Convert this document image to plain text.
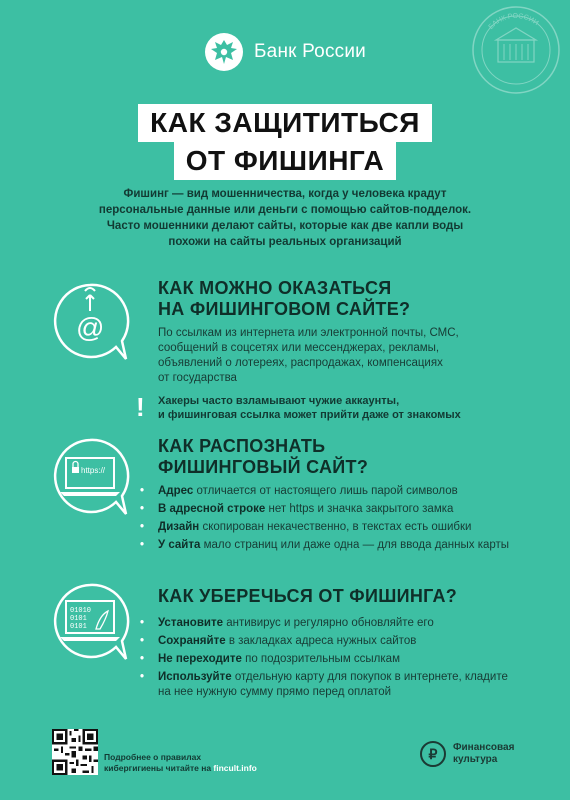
Банк России
БАНК РОССИИ
КАК ЗАЩИТИТЬСЯ
ОТ ФИШИНГА
Фишинг — вид мошенничества, когда у человека крадут
персональные данные или деньги с помощью сайтов-подделок.
Часто мошенники делают сайты, которые как две капли воды
похожи на сайты реальных организаций
@
КАК МОЖНО ОКАЗАТЬСЯ
НА ФИШИНГОВОМ САЙТЕ?
По ссылкам из интернета или электронной почты, СМС,
сообщений в соцсетях или мессенджерах, рекламы,
объявлений о лотереях, распродажах, компенсациях
от государства
! Хакеры часто взламывают чужие аккаунты,
и фишинговая ссылка может прийти даже от знакомых
https://
КАК РАСПОЗНАТЬ
ФИШИНГОВЫЙ САЙТ?
• Адрес отличается от настоящего лишь парой символов
• В адресной строке нет https и значка закрытого замка
• Дизайн скопирован некачественно, в текстах есть ошибки
• У сайта мало страниц или даже одна — для ввода данных карты
01010
0101
0101
КАК УБЕРЕЧЬСЯ ОТ ФИШИНГА?
• Установите антивирус и регулярно обновляйте его
• Сохраняйте в закладках адреса нужных сайтов
• Не переходите по подозрительным ссылкам
• Используйте отдельную карту для покупок в интернете, кладите на нее нужную сумму прямо перед оплатой
Подробнее о правилах
кибергигиены читайте на fincult.info
₽	Финансовая
культура
